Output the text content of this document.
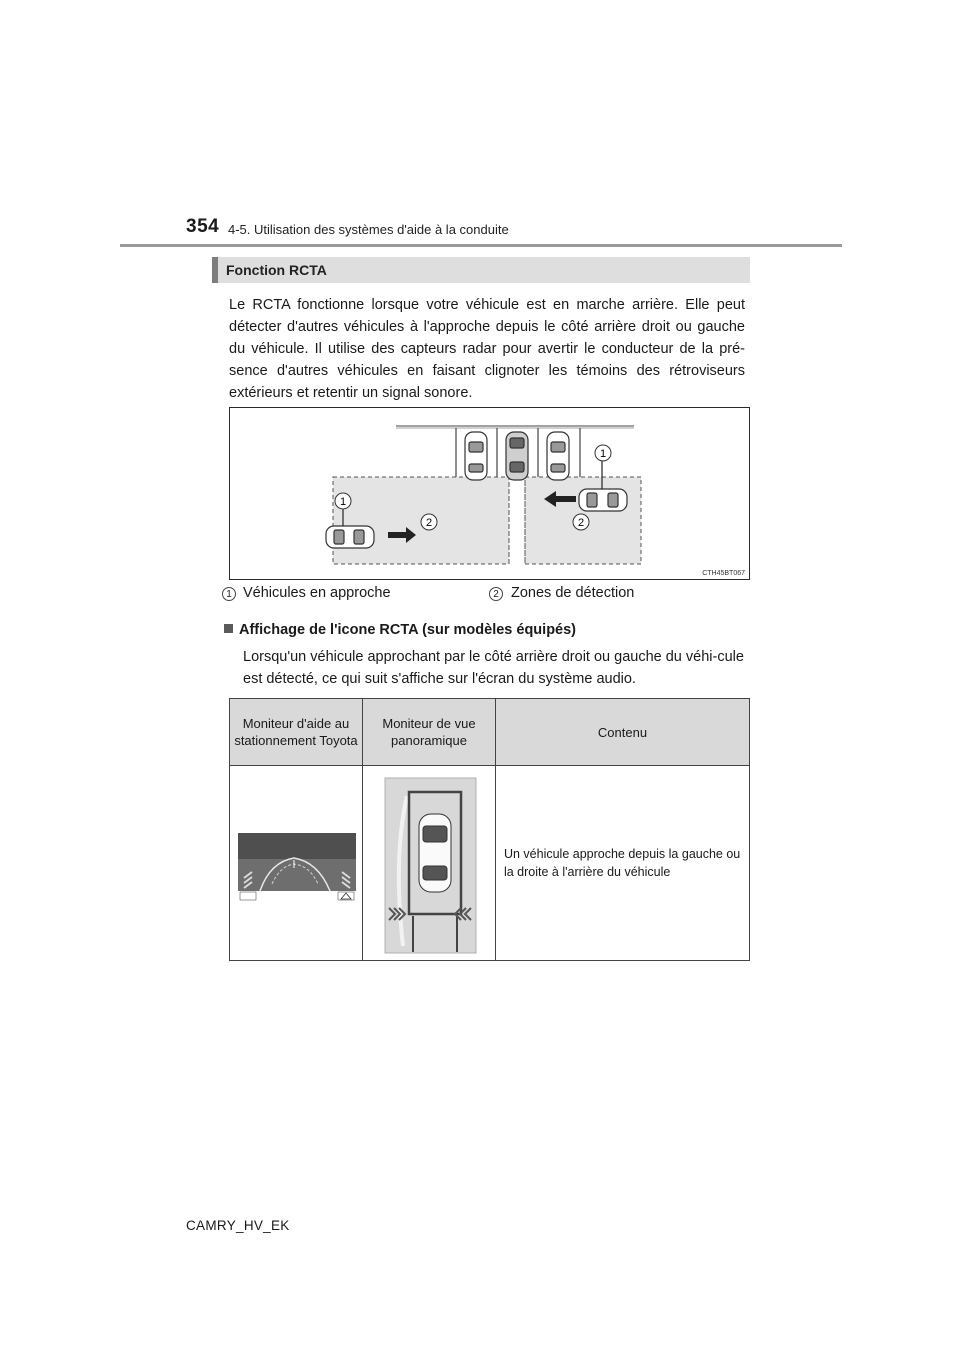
354 4-5. Utilisation des systèmes d'aide à la conduite
Fonction RCTA
Le RCTA fonctionne lorsque votre véhicule est en marche arrière. Elle peut détecter d'autres véhicules à l'approche depuis le côté arrière droit ou gauche du véhicule. Il utilise des capteurs radar pour avertir le conducteur de la pré-sence d'autres véhicules en faisant clignoter les témoins des rétroviseurs extérieurs et retentir un signal sonore.
1
1
2	2
CTH45BT067
1 Véhicules en approche	2 Zones de détection
Affichage de l'icone RCTA (sur modèles équipés)
Lorsqu'un véhicule approchant par le côté arrière droit ou gauche du véhi-cule est détecté, ce qui suit s'affiche sur l'écran du système audio.
Moniteur d'aide au stationnement Toyota	Moniteur de vue panoramique	Contenu
		Un véhicule approche depuis la gauche ou la droite à l'arrière du véhicule
CAMRY_HV_EK
